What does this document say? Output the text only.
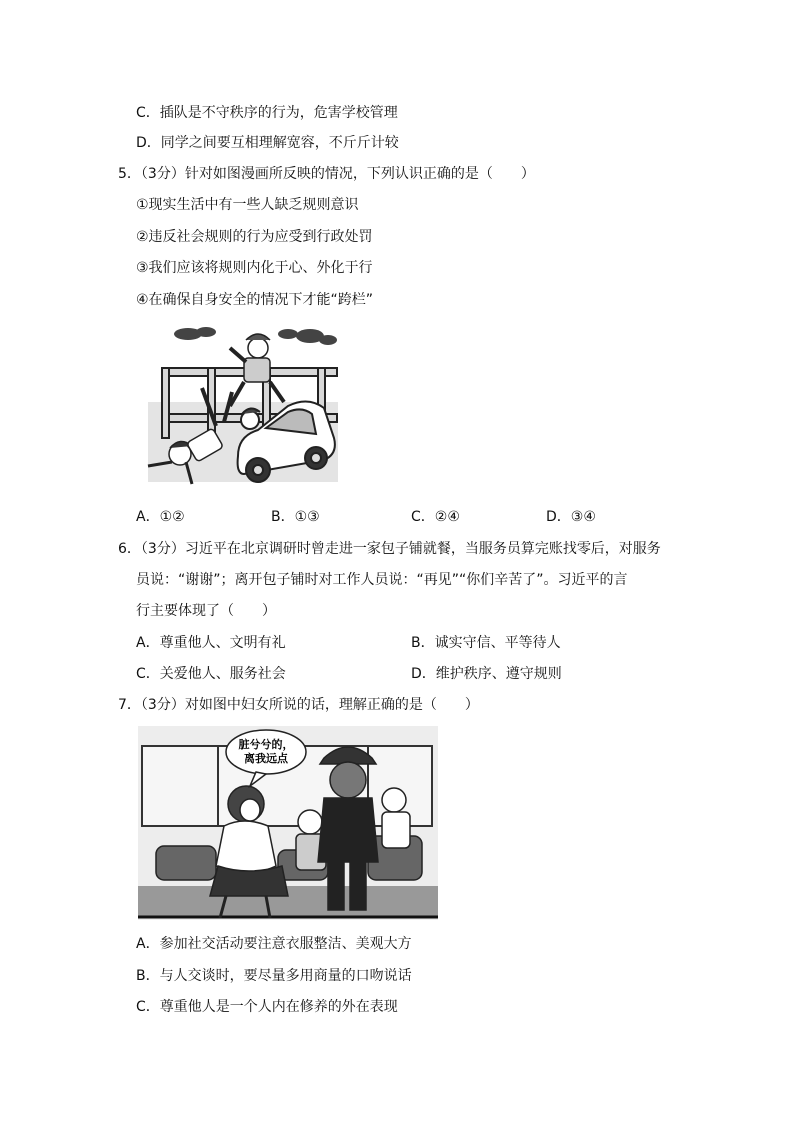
C．插队是不守秩序的行为，危害学校管理
D．同学之间要互相理解宽容，不斤斤计较
5．（3分）针对如图漫画所反映的情况，下列认识正确的是（　　）
①现实生活中有一些人缺乏规则意识
②违反社会规则的行为应受到行政处罚
③我们应该将规则内化于心、外化于行
④在确保自身安全的情况下才能“跨栏”
A．①②	B．①③	C．②④	D．③④
6．（3分）习近平在北京调研时曾走进一家包子铺就餐，当服务员算完账找零后，对服务
员说：“谢谢”；离开包子铺时对工作人员说：“再见”“你们辛苦了”。习近平的言
行主要体现了（　　）
A．尊重他人、文明有礼	B．诚实守信、平等待人
C．关爱他人、服务社会	D．维护秩序、遵守规则
7．（3分）对如图中妇女所说的话，理解正确的是（　　）
脏兮兮的，
离我远点
A．参加社交活动要注意衣服整洁、美观大方
B．与人交谈时，要尽量多用商量的口吻说话
C．尊重他人是一个人内在修养的外在表现
